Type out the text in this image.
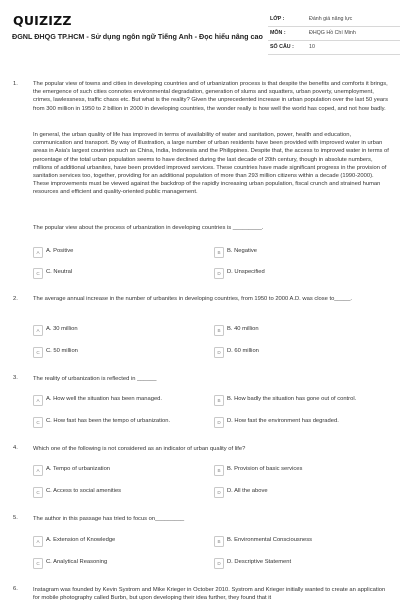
QUIZIZZ
ĐGNL ĐHQG TP.HCM - Sử dụng ngôn ngữ Tiếng Anh - Đọc hiểu nâng cao
LỚP :	Đánh giá năng lực
MÔN :	ĐHQG Hồ Chí Minh
SỐ CÂU :	10
1.	The popular view of towns and cities in developing countries and of urbanization process is that despite the benefits and comforts it brings, the emergence of such cities connotes environmental degradation, generation of slums and squatters, urban poverty, unemployment, crimes, lawlessness, traffic chaos etc. But what is the reality? Given the unprecedented increase in urban population over the last 50 years from 300 million in 1950 to 2 billion in 2000 in developing countries, the wonder really is how well the world has coped, and not how badly.
In general, the urban quality of life has improved in terms of availability of water and sanitation, power, health and education, communication and transport. By way of illustration, a large number of urban residents have been provided with improved water in urban areas in Asia's largest countries such as China, India, Indonesia and the Philippines. Despite that, the access to improved water in terms of percentage of the total urban population seems to have declined during the last decade of 20th century, though in absolute numbers, millions of additional urbanites, have been provided improved services. These countries have made significant progress in the provision of sanitation services too, together, providing for an additional population of more than 293 million citizens within a decade (1990-2000). These improvements must be viewed against the backdrop of the rapidly increasing urban population, fiscal crunch and strained human resources and efficient and quality-oriented public management.
The popular view about the process of urbanization in developing countries is _________.
A	A. Positive	B	B. Negative
C	C. Neutral	D	D. Unspecified
2.	The average annual increase in the number of urbanites in developing countries, from 1950 to 2000 A.D. was close to_____.
A	A. 30 million	B	B. 40 million
C	C. 50 million	D	D. 60 million
3.	The reality of urbanization is reflected in ______
A	A. How well the situation has been managed.	B	B. How badly the situation has gone out of control.
C	C. How fast has been the tempo of urbanization.	D	D. How fast the environment has degraded.
4.	Which one of the following is not considered as an indicator of urban quality of life?
A	A. Tempo of urbanization	B	B. Provision of basic services
C	C. Access to social amenities	D	D. All the above
5.	The author in this passage has tried to focus on_________
A	A. Extension of Knowledge	B	B. Environmental Consciousness
C	C. Analytical Reasoning	D	D. Descriptive Statement
6.	Instagram was founded by Kevin Systrom and Mike Krieger in October 2010. Systrom and Krieger initially wanted to create an application for mobile photography called Burbn, but upon developing their idea further, they found that it
